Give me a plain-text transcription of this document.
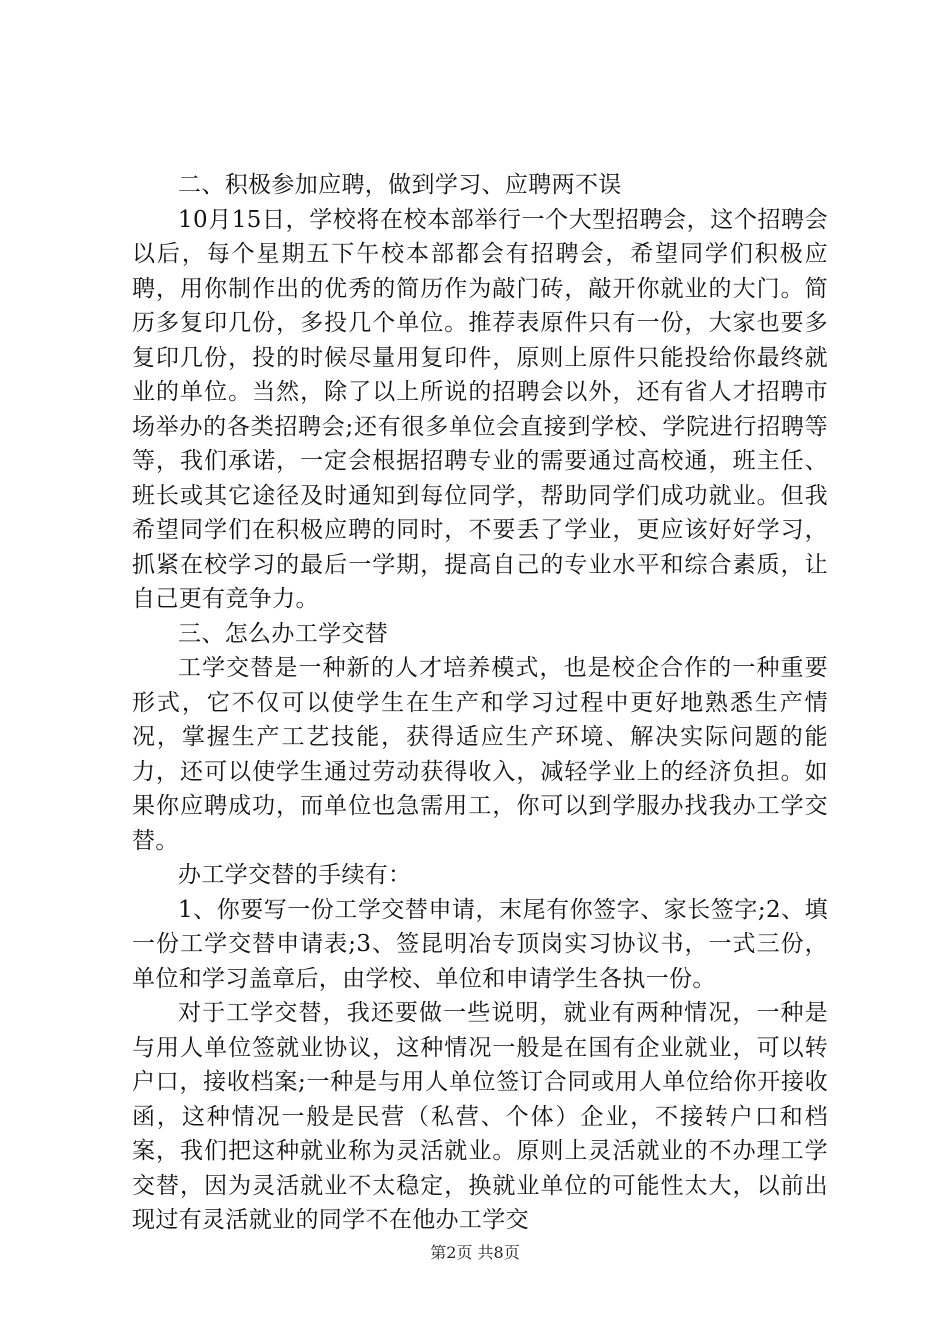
二、积极参加应聘，做到学习、应聘两不误

10月15日，学校将在校本部举行一个大型招聘会，这个招聘会以后，每个星期五下午校本部都会有招聘会，希望同学们积极应聘，用你制作出的优秀的简历作为敲门砖，敲开你就业的大门。简历多复印几份，多投几个单位。推荐表原件只有一份，大家也要多复印几份，投的时候尽量用复印件，原则上原件只能投给你最终就业的单位。当然，除了以上所说的招聘会以外，还有省人才招聘市场举办的各类招聘会;还有很多单位会直接到学校、学院进行招聘等等，我们承诺，一定会根据招聘专业的需要通过高校通，班主任、班长或其它途径及时通知到每位同学，帮助同学们成功就业。但我希望同学们在积极应聘的同时，不要丢了学业，更应该好好学习，抓紧在校学习的最后一学期，提高自己的专业水平和综合素质，让自己更有竞争力。

三、怎么办工学交替

工学交替是一种新的人才培养模式，也是校企合作的一种重要形式，它不仅可以使学生在生产和学习过程中更好地熟悉生产情况，掌握生产工艺技能，获得适应生产环境、解决实际问题的能力，还可以使学生通过劳动获得收入，减轻学业上的经济负担。如果你应聘成功，而单位也急需用工，你可以到学服办找我办工学交替。

办工学交替的手续有：

1、你要写一份工学交替申请，末尾有你签字、家长签字;2、填一份工学交替申请表;3、签昆明冶专顶岗实习协议书，一式三份，单位和学习盖章后，由学校、单位和申请学生各执一份。

对于工学交替，我还要做一些说明，就业有两种情况，一种是与用人单位签就业协议，这种情况一般是在国有企业就业，可以转户口，接收档案;一种是与用人单位签订合同或用人单位给你开接收函，这种情况一般是民营（私营、个体）企业，不接转户口和档案，我们把这种就业称为灵活就业。原则上灵活就业的不办理工学交替，因为灵活就业不太稳定，换就业单位的可能性太大，以前出现过有灵活就业的同学不在他办工学交

第2页 共8页
